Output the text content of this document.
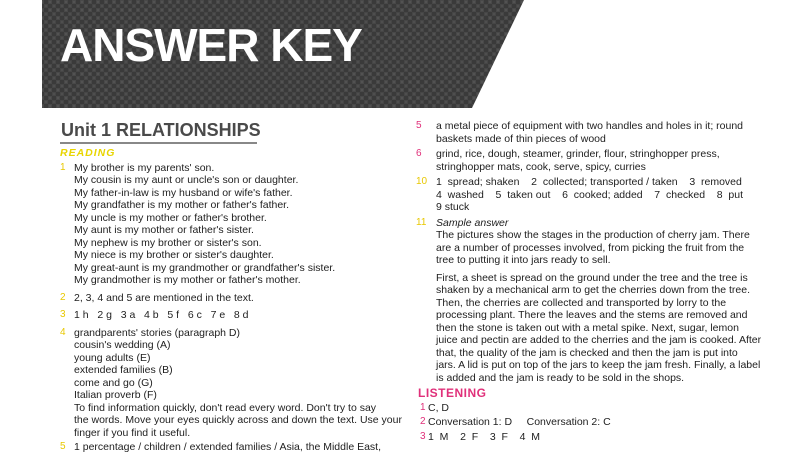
ANSWER KEY
Unit 1 RELATIONSHIPS
READING
1 My brother is my parents' son.
My cousin is my aunt or uncle's son or daughter.
My father-in-law is my husband or wife's father.
My grandfather is my mother or father's father.
My uncle is my mother or father's brother.
My aunt is my mother or father's sister.
My nephew is my brother or sister's son.
My niece is my brother or sister's daughter.
My great-aunt is my grandmother or grandfather's sister.
My grandmother is my mother or father's mother.
2 2, 3, 4 and 5 are mentioned in the text.
3 1 h   2 g   3 a   4 b   5 f   6 c   7 e   8 d
4 grandparents' stories (paragraph D)
cousin's wedding (A)
young adults (E)
extended families (B)
come and go (G)
Italian proverb (F)
To find information quickly, don't read every word. Don't try to say
the words. Move your eyes quickly across and down the text. Use your
finger if you find it useful.
5 1 percentage / children / extended families / Asia, the Middle East,
5 a metal piece of equipment with two handles and holes in it; round
baskets made of thin pieces of wood
6 grind, rice, dough, steamer, grinder, flour, stringhopper press,
stringhopper mats, cook, serve, spicy, curries
10 1  spread; shaken    2  collected; transported / taken    3  removed
4  washed    5  taken out    6  cooked; added    7  checked    8  put
9 stuck
11 Sample answer
The pictures show the stages in the production of cherry jam. There
are a number of processes involved, from picking the fruit from the
tree to putting it into jars ready to sell.
First, a sheet is spread on the ground under the tree and the tree is
shaken by a mechanical arm to get the cherries down from the tree.
Then, the cherries are collected and transported by lorry to the
processing plant. There the leaves and the stems are removed and
then the stone is taken out with a metal spike. Next, sugar, lemon
juice and pectin are added to the cherries and the jam is cooked. After
that, the quality of the jam is checked and then the jam is put into
jars. A lid is put on top of the jars to keep the jam fresh. Finally, a label
is added and the jam is ready to be sold in the shops.
LISTENING
1 C, D
2 Conversation 1: D     Conversation 2: C
3 1  M    2  F    3  F    4  M
